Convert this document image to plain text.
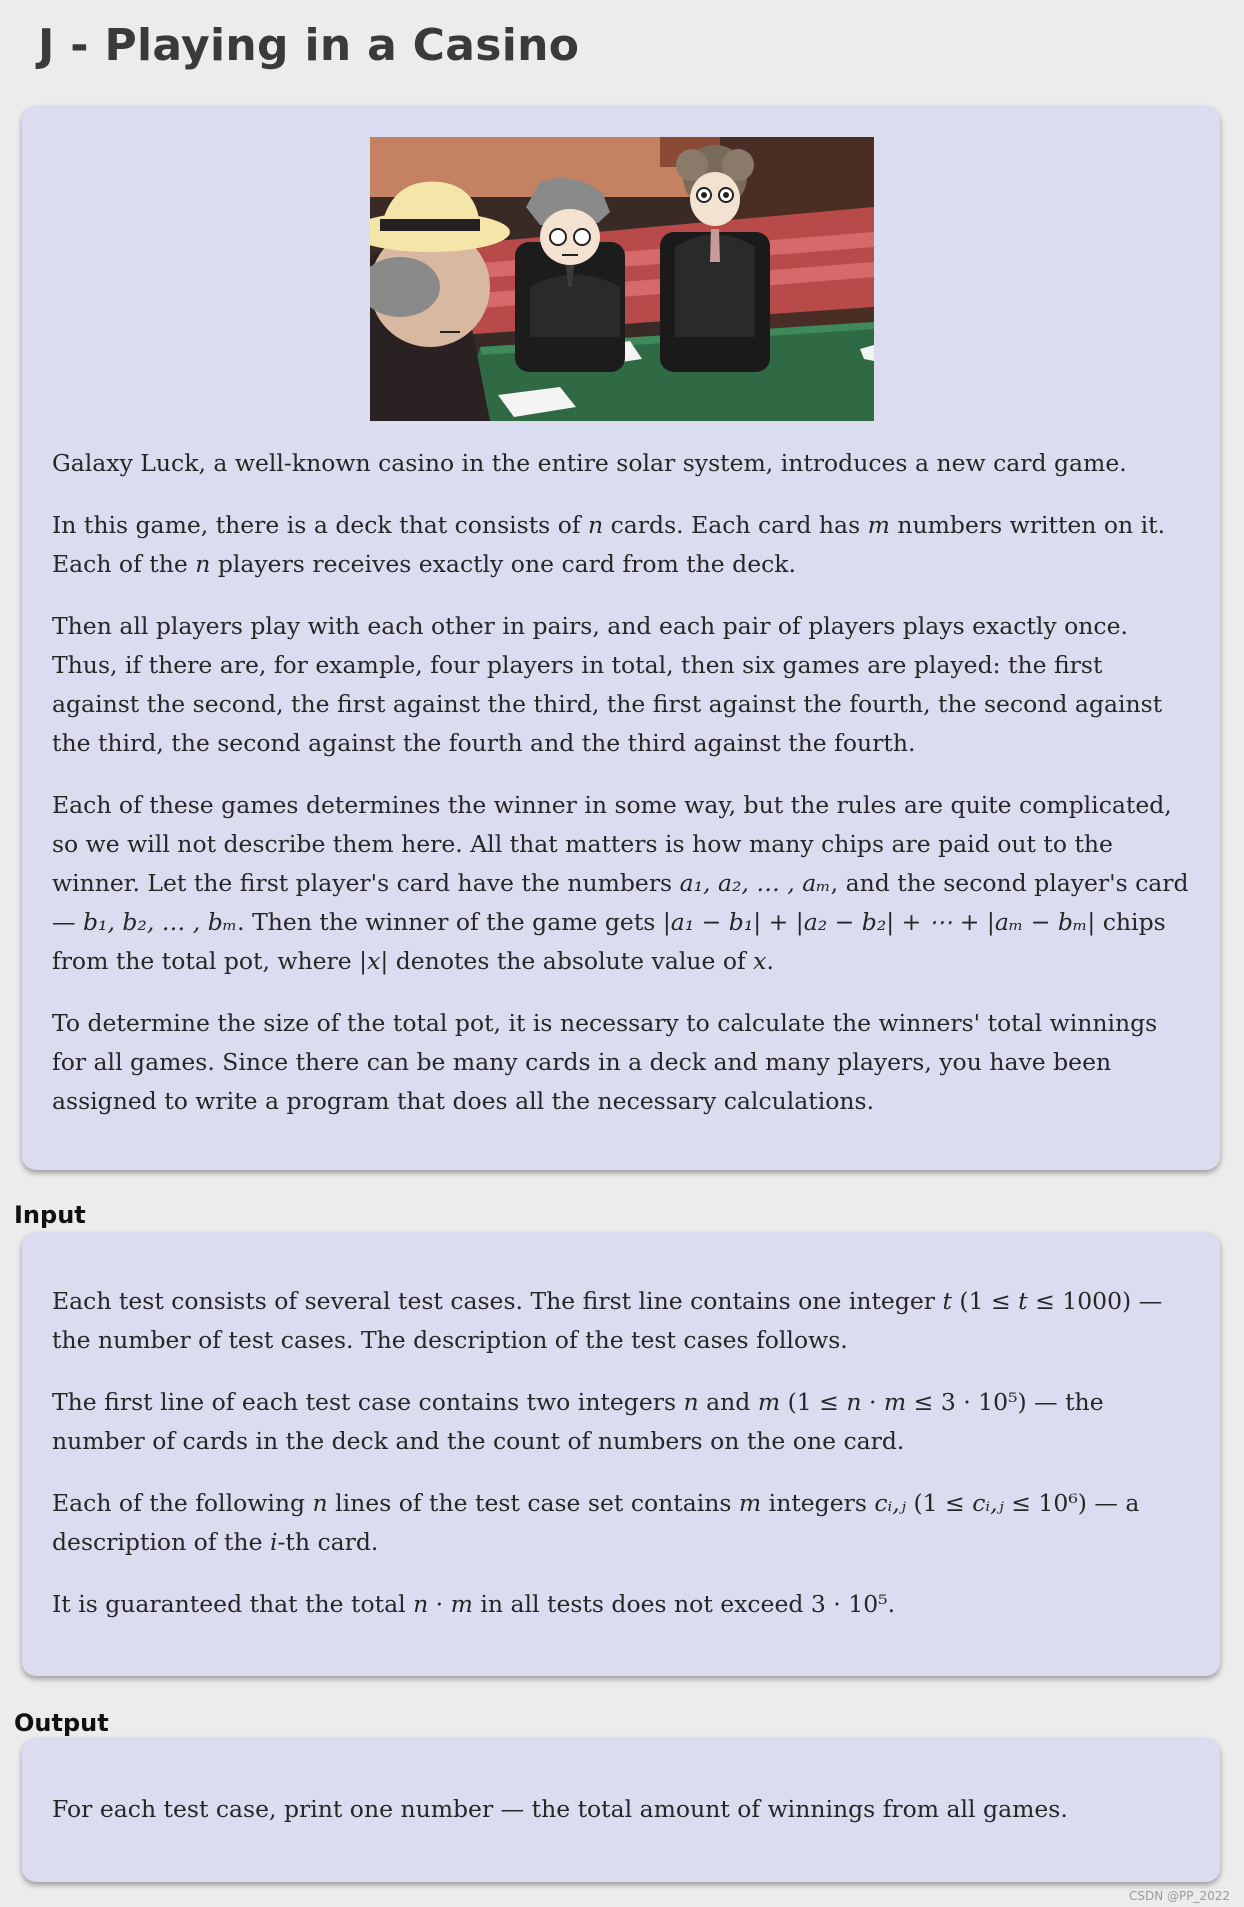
J - Playing in a Casino

Galaxy Luck, a well-known casino in the entire solar system, introduces a new card game.

In this game, there is a deck that consists of n cards. Each card has m numbers written on it. Each of the n players receives exactly one card from the deck.

Then all players play with each other in pairs, and each pair of players plays exactly once. Thus, if there are, for example, four players in total, then six games are played: the first against the second, the first against the third, the first against the fourth, the second against the third, the second against the fourth and the third against the fourth.

Each of these games determines the winner in some way, but the rules are quite complicated, so we will not describe them here. All that matters is how many chips are paid out to the winner. Let the first player's card have the numbers a₁, a₂, … , aₘ, and the second player's card — b₁, b₂, … , bₘ. Then the winner of the game gets |a₁ − b₁| + |a₂ − b₂| + ⋯ + |aₘ − bₘ| chips from the total pot, where |x| denotes the absolute value of x.

To determine the size of the total pot, it is necessary to calculate the winners' total winnings for all games. Since there can be many cards in a deck and many players, you have been assigned to write a program that does all the necessary calculations.

Input

Each test consists of several test cases. The first line contains one integer t (1 ≤ t ≤ 1000) — the number of test cases. The description of the test cases follows.

The first line of each test case contains two integers n and m (1 ≤ n · m ≤ 3 · 10⁵) — the number of cards in the deck and the count of numbers on the one card.

Each of the following n lines of the test case set contains m integers cᵢ,ⱼ (1 ≤ cᵢ,ⱼ ≤ 10⁶) — a description of the i-th card.

It is guaranteed that the total n · m in all tests does not exceed 3 · 10⁵.

Output

For each test case, print one number — the total amount of winnings from all games.

CSDN @PP_2022
